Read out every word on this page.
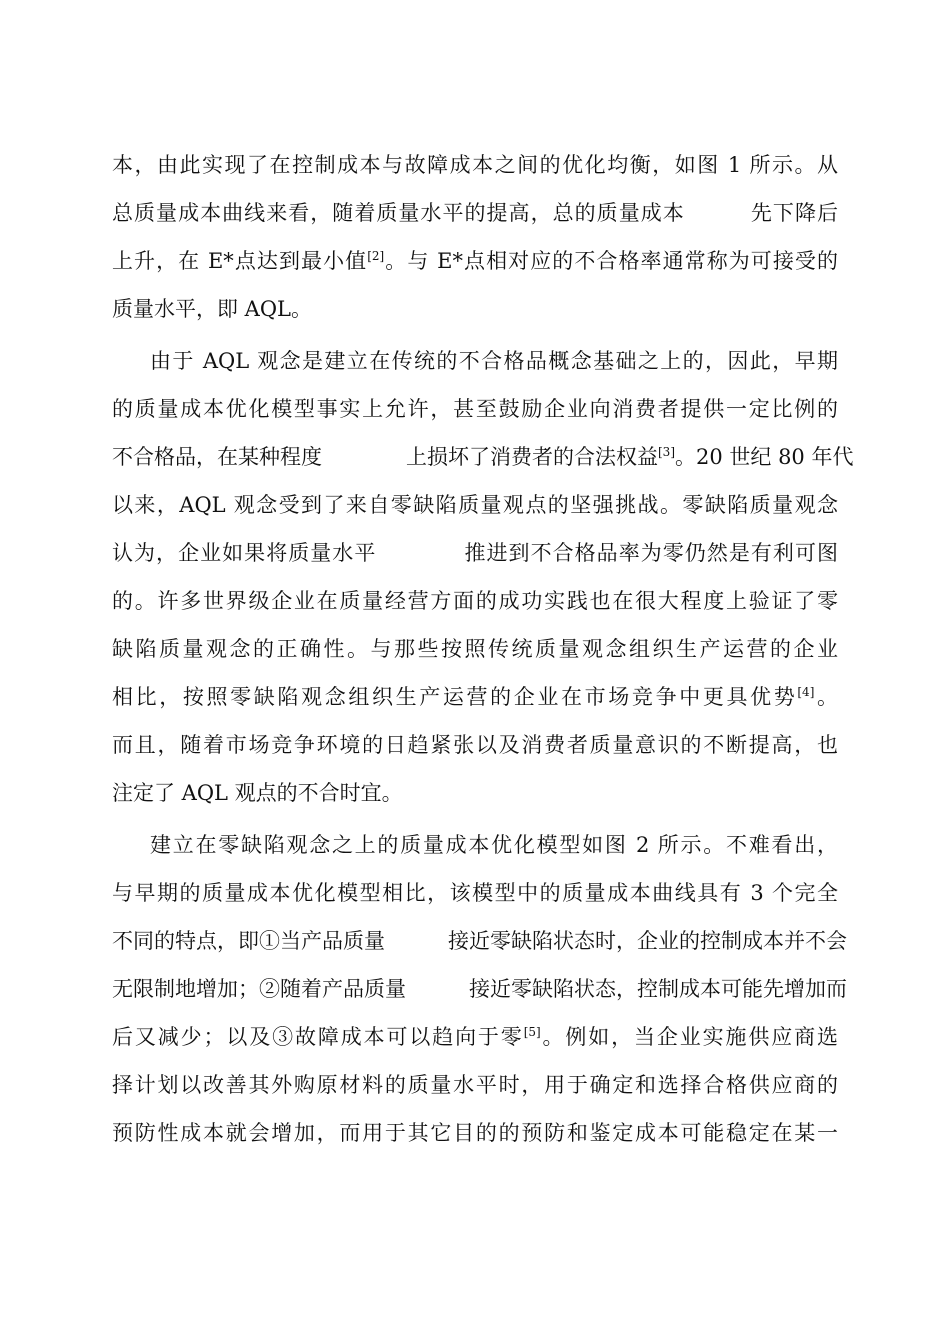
本，由此实现了在控制成本与故障成本之间的优化均衡，如图 1 所示。从
总质量成本曲线来看，随着质量水平的提高，总的质量成本　　　先下降后
上升，在 E*点达到最小值[2]。与 E*点相对应的不合格率通常称为可接受的
质量水平，即 AQL。
由于 AQL 观念是建立在传统的不合格品概念基础之上的，因此，早期
的质量成本优化模型事实上允许，甚至鼓励企业向消费者提供一定比例的
不合格品，在某种程度　　　　上损坏了消费者的合法权益[3]。20 世纪 80 年代
以来，AQL 观念受到了来自零缺陷质量观点的坚强挑战。零缺陷质量观念
认为，企业如果将质量水平　　　　推进到不合格品率为零仍然是有利可图
的。许多世界级企业在质量经营方面的成功实践也在很大程度上验证了零
缺陷质量观念的正确性。与那些按照传统质量观念组织生产运营的企业
相比，按照零缺陷观念组织生产运营的企业在市场竞争中更具优势[4]。
而且，随着市场竞争环境的日趋紧张以及消费者质量意识的不断提高，也
注定了 AQL 观点的不合时宜。
建立在零缺陷观念之上的质量成本优化模型如图 2 所示。不难看出，
与早期的质量成本优化模型相比，该模型中的质量成本曲线具有 3 个完全
不同的特点，即①当产品质量　　　接近零缺陷状态时，企业的控制成本并不会
无限制地增加；②随着产品质量　　　接近零缺陷状态，控制成本可能先增加而
后又减少；以及③故障成本可以趋向于零[5]。例如，当企业实施供应商选
择计划以改善其外购原材料的质量水平时，用于确定和选择合格供应商的
预防性成本就会增加，而用于其它目的的预防和鉴定成本可能稳定在某一
